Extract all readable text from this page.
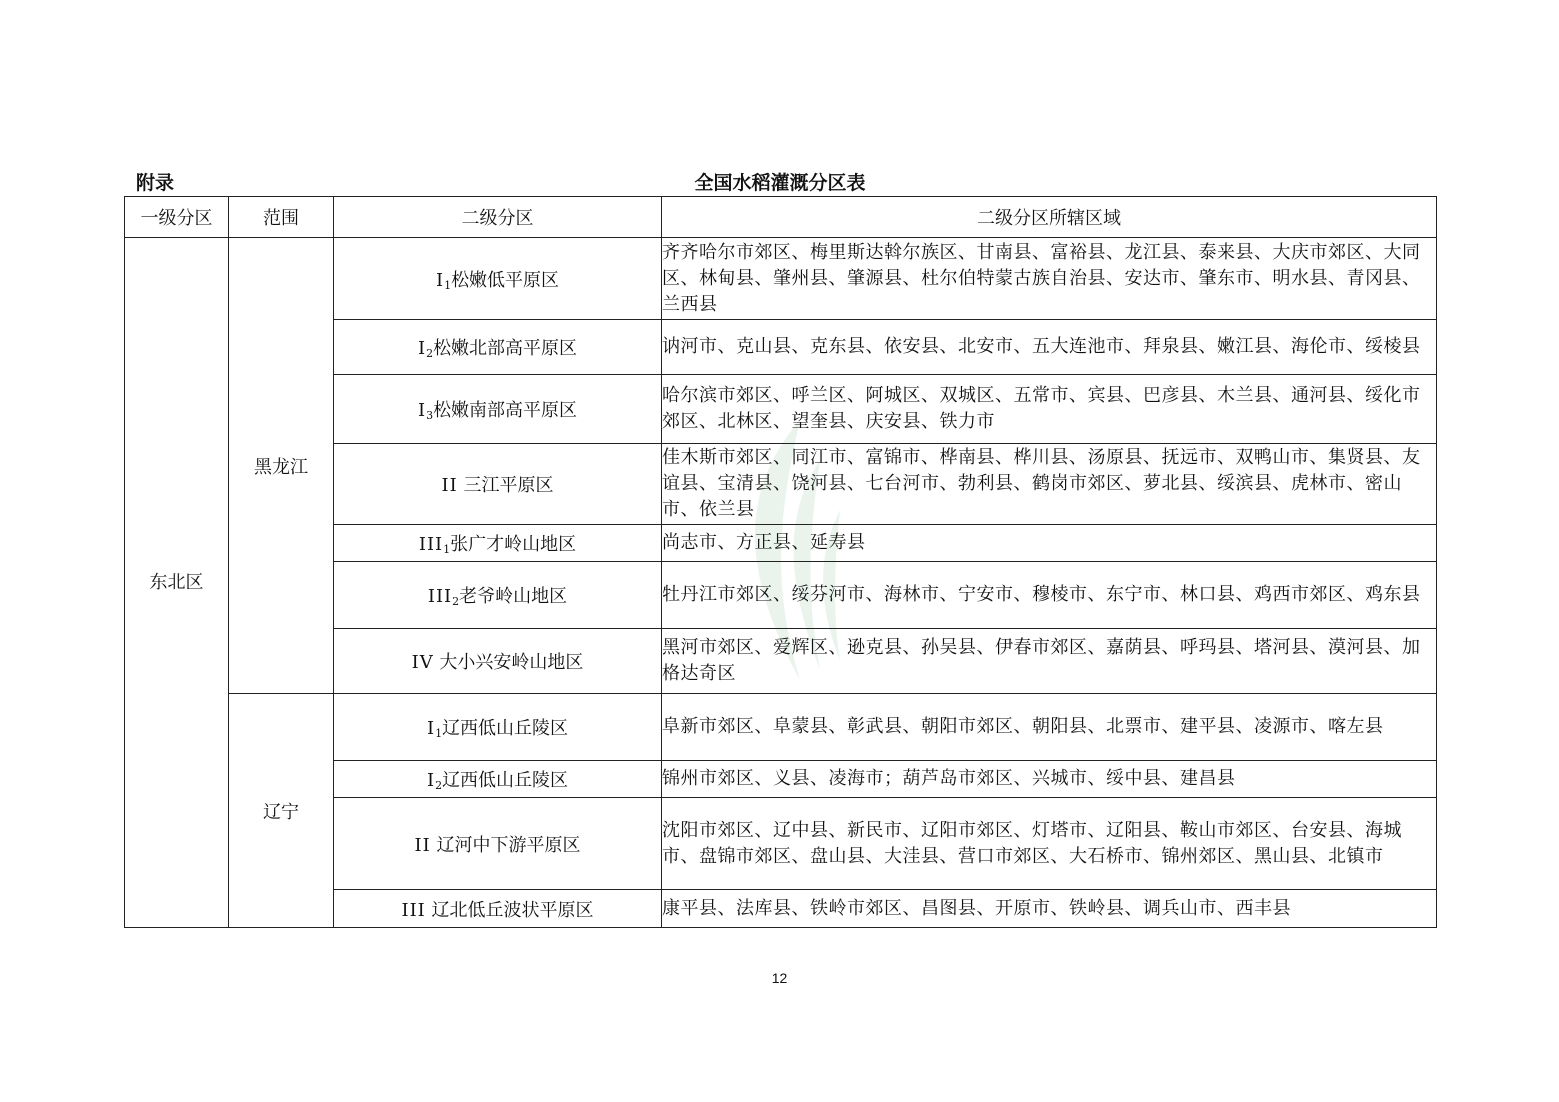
附录	全国水稻灌溉分区表
一级分区	范围	二级分区	二级分区所辖区域
东北区	黑龙江	$I_1$松嫩低平原区	齐齐哈尔市郊区、梅里斯达斡尔族区、甘南县、富裕县、龙江县、泰来县、大庆市郊区、大同区、林甸县、肇州县、肇源县、杜尔伯特蒙古族自治县、安达市、肇东市、明水县、青冈县、兰西县
		$I_2$松嫩北部高平原区	讷河市、克山县、克东县、依安县、北安市、五大连池市、拜泉县、嫩江县、海伦市、绥棱县
		$I_3$松嫩南部高平原区	哈尔滨市郊区、呼兰区、阿城区、双城区、五常市、宾县、巴彦县、木兰县、通河县、绥化市郊区、北林区、望奎县、庆安县、铁力市
		II 三江平原区	佳木斯市郊区、同江市、富锦市、桦南县、桦川县、汤原县、抚远市、双鸭山市、集贤县、友谊县、宝清县、饶河县、七台河市、勃利县、鹤岗市郊区、萝北县、绥滨县、虎林市、密山市、依兰县
		$III_1$张广才岭山地区	尚志市、方正县、延寿县
		$III_2$老爷岭山地区	牡丹江市郊区、绥芬河市、海林市、宁安市、穆棱市、东宁市、林口县、鸡西市郊区、鸡东县
		IV 大小兴安岭山地区	黑河市郊区、爱辉区、逊克县、孙吴县、伊春市郊区、嘉荫县、呼玛县、塔河县、漠河县、加格达奇区
	辽宁	$I_1$辽西低山丘陵区	阜新市郊区、阜蒙县、彰武县、朝阳市郊区、朝阳县、北票市、建平县、凌源市、喀左县
		$I_2$辽西低山丘陵区	锦州市郊区、义县、凌海市；葫芦岛市郊区、兴城市、绥中县、建昌县
		II 辽河中下游平原区	沈阳市郊区、辽中县、新民市、辽阳市郊区、灯塔市、辽阳县、鞍山市郊区、台安县、海城市、盘锦市郊区、盘山县、大洼县、营口市郊区、大石桥市、锦州郊区、黑山县、北镇市
		III 辽北低丘波状平原区	康平县、法库县、铁岭市郊区、昌图县、开原市、铁岭县、调兵山市、西丰县
12
